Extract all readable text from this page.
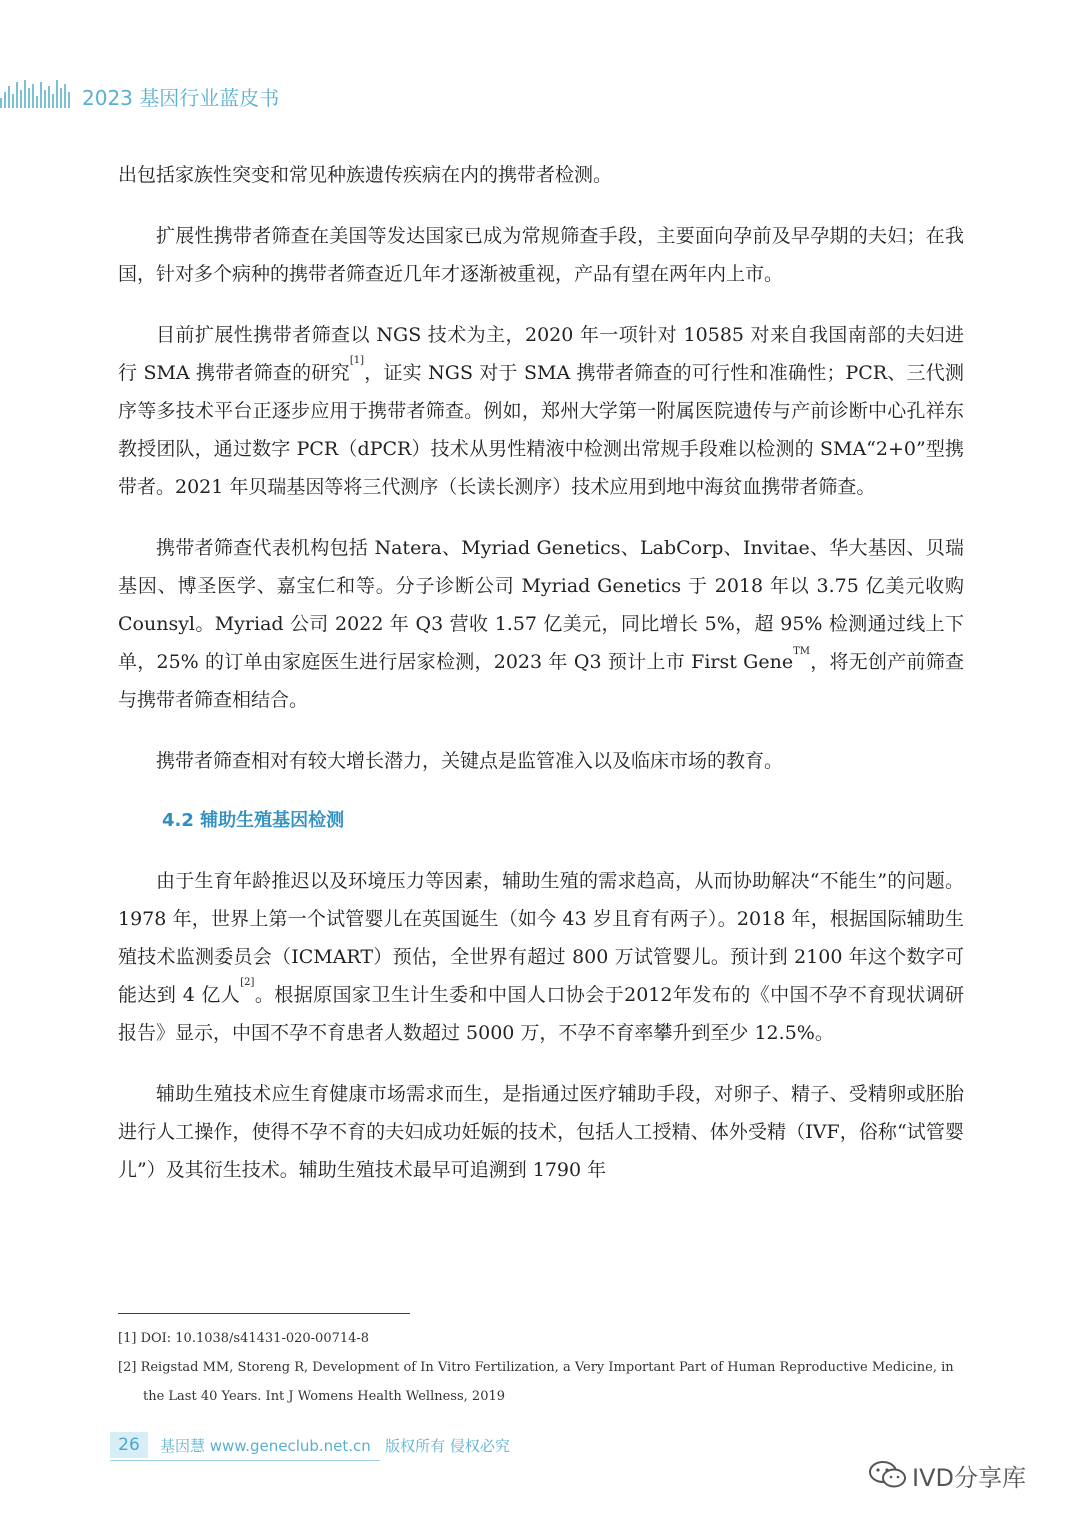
2023 基因行业蓝皮书

出包括家族性突变和常见种族遗传疾病在内的携带者检测。

扩展性携带者筛查在美国等发达国家已成为常规筛查手段，主要面向孕前及早孕期的夫妇；在我国，针对多个病种的携带者筛查近几年才逐渐被重视，产品有望在两年内上市。

目前扩展性携带者筛查以 NGS 技术为主，2020 年一项针对 10585 对来自我国南部的夫妇进行 SMA 携带者筛查的研究[1]，证实 NGS 对于 SMA 携带者筛查的可行性和准确性；PCR、三代测序等多技术平台正逐步应用于携带者筛查。例如，郑州大学第一附属医院遗传与产前诊断中心孔祥东教授团队，通过数字 PCR（dPCR）技术从男性精液中检测出常规手段难以检测的 SMA“2+0”型携带者。2021 年贝瑞基因等将三代测序（长读长测序）技术应用到地中海贫血携带者筛查。

携带者筛查代表机构包括 Natera、Myriad Genetics、LabCorp、Invitae、华大基因、贝瑞基因、博圣医学、嘉宝仁和等。分子诊断公司 Myriad Genetics 于 2018 年以 3.75 亿美元收购 Counsyl。Myriad 公司 2022 年 Q3 营收 1.57 亿美元，同比增长 5%，超 95% 检测通过线上下单，25% 的订单由家庭医生进行居家检测，2023 年 Q3 预计上市 First Gene™，将无创产前筛查与携带者筛查相结合。

携带者筛查相对有较大增长潜力，关键点是监管准入以及临床市场的教育。

4.2 辅助生殖基因检测

由于生育年龄推迟以及环境压力等因素，辅助生殖的需求趋高，从而协助解决“不能生”的问题。1978 年，世界上第一个试管婴儿在英国诞生（如今 43 岁且育有两子）。2018 年，根据国际辅助生殖技术监测委员会（ICMART）预估，全世界有超过 800 万试管婴儿。预计到 2100 年这个数字可能达到 4 亿人[2]。根据原国家卫生计生委和中国人口协会于2012年发布的《中国不孕不育现状调研报告》显示，中国不孕不育患者人数超过 5000 万，不孕不育率攀升到至少 12.5%。

辅助生殖技术应生育健康市场需求而生，是指通过医疗辅助手段，对卵子、精子、受精卵或胚胎进行人工操作，使得不孕不育的夫妇成功妊娠的技术，包括人工授精、体外受精（IVF，俗称“试管婴儿”）及其衍生技术。辅助生殖技术最早可追溯到 1790 年

[1] DOI: 10.1038/s41431-020-00714-8

[2] Reigstad MM, Storeng R, Development of In Vitro Fertilization, a Very Important Part of Human Reproductive Medicine, in the Last 40 Years. Int J Womens Health Wellness, 2019

26	基因慧 www.geneclub.net.cn 版权所有 侵权必究
IVD分享库
